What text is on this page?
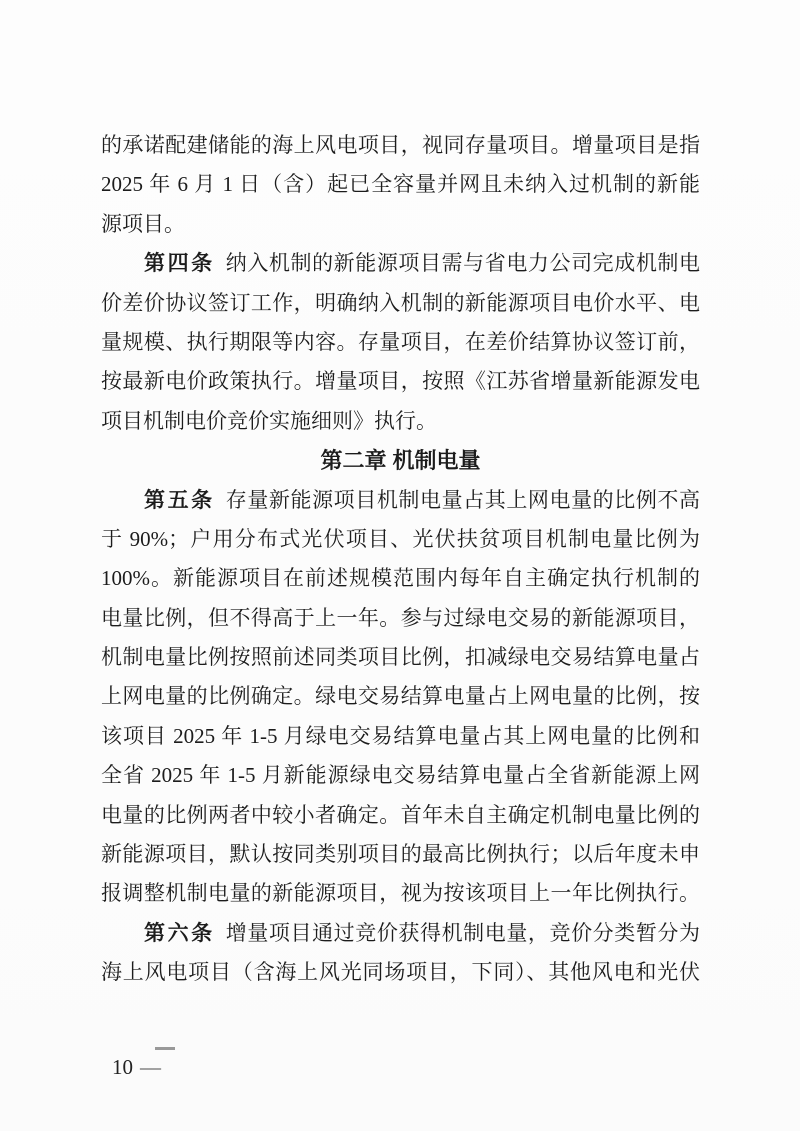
的承诺配建储能的海上风电项目，视同存量项目。增量项目是指
2025 年 6 月 1 日（含）起已全容量并网且未纳入过机制的新能
源项目。
第四条 纳入机制的新能源项目需与省电力公司完成机制电
价差价协议签订工作，明确纳入机制的新能源项目电价水平、电
量规模、执行期限等内容。存量项目，在差价结算协议签订前，
按最新电价政策执行。增量项目，按照《江苏省增量新能源发电
项目机制电价竞价实施细则》执行。
第二章 机制电量
第五条 存量新能源项目机制电量占其上网电量的比例不高
于 90%；户用分布式光伏项目、光伏扶贫项目机制电量比例为
100%。新能源项目在前述规模范围内每年自主确定执行机制的
电量比例，但不得高于上一年。参与过绿电交易的新能源项目，
机制电量比例按照前述同类项目比例，扣减绿电交易结算电量占
上网电量的比例确定。绿电交易结算电量占上网电量的比例，按
该项目 2025 年 1-5 月绿电交易结算电量占其上网电量的比例和
全省 2025 年 1-5 月新能源绿电交易结算电量占全省新能源上网
电量的比例两者中较小者确定。首年未自主确定机制电量比例的
新能源项目，默认按同类别项目的最高比例执行；以后年度未申
报调整机制电量的新能源项目，视为按该项目上一年比例执行。
第六条 增量项目通过竞价获得机制电量，竞价分类暂分为
海上风电项目（含海上风光同场项目，下同）、其他风电和光伏
10 —
